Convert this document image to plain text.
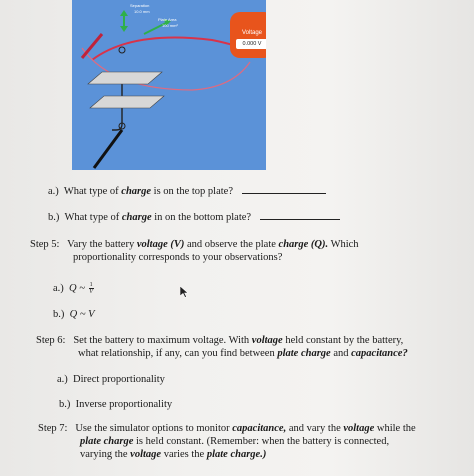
Separation
10.0 mm
Plate Area
100 mm²
Voltage
0.000 V
a.) What type of charge is on the top plate?
b.) What type of charge in on the bottom plate?
Step 5: Vary the battery voltage (V) and observe the plate charge (Q). Which
proportionality corresponds to your observations?
a.) Q ~ $\frac{1}{V}$
b.) Q ~ V
Step 6: Set the battery to maximum voltage. With voltage held constant by the battery,
what relationship, if any, can you find between plate charge and capacitance?
a.) Direct proportionality
b.) Inverse proportionality
Step 7: Use the simulator options to monitor capacitance, and vary the voltage while the
plate charge is held constant. (Remember: when the battery is connected,
varying the voltage varies the plate charge.)
